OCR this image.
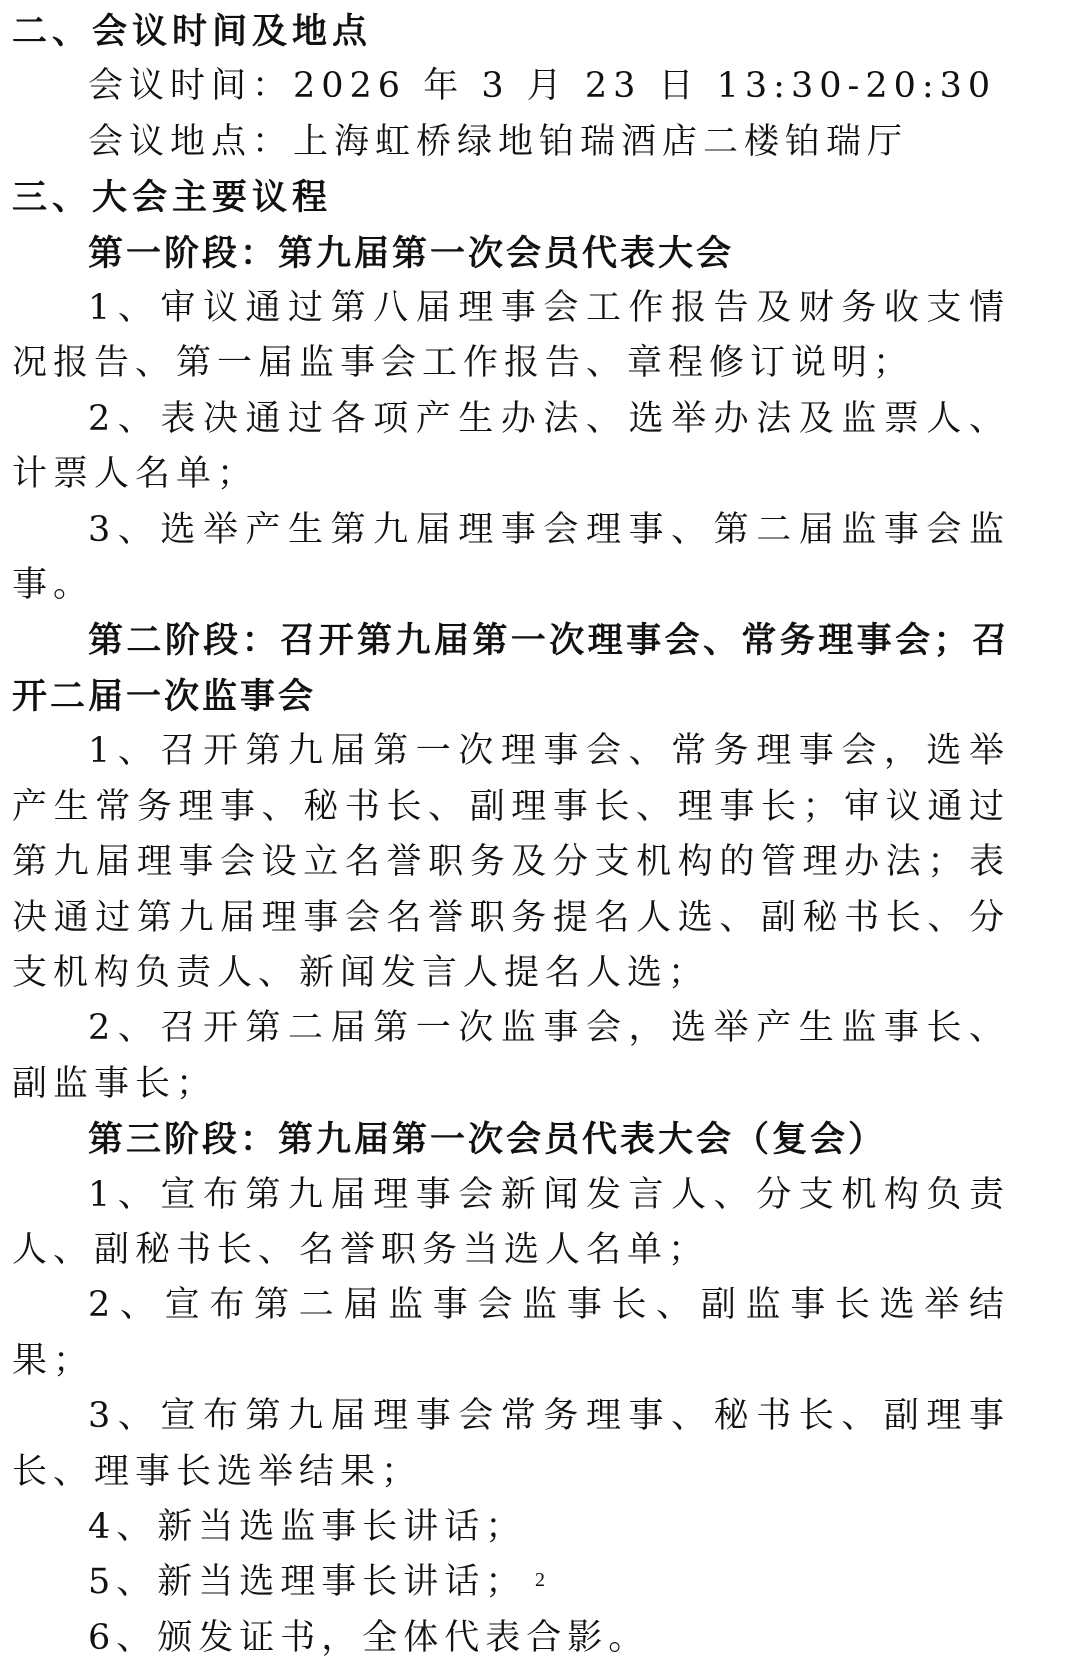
二、会议时间及地点

会议时间：2026 年 3 月 23 日 13:30-20:30

会议地点：上海虹桥绿地铂瑞酒店二楼铂瑞厅

三、大会主要议程

第一阶段：第九届第一次会员代表大会

1、审议通过第八届理事会工作报告及财务收支情况报告、第一届监事会工作报告、章程修订说明；

2、表决通过各项产生办法、选举办法及监票人、计票人名单；

3、选举产生第九届理事会理事、第二届监事会监事。

第二阶段：召开第九届第一次理事会、常务理事会；召开二届一次监事会

1、召开第九届第一次理事会、常务理事会，选举产生常务理事、秘书长、副理事长、理事长；审议通过第九届理事会设立名誉职务及分支机构的管理办法；表决通过第九届理事会名誉职务提名人选、副秘书长、分支机构负责人、新闻发言人提名人选；

2、召开第二届第一次监事会，选举产生监事长、副监事长；

第三阶段：第九届第一次会员代表大会（复会）

1、宣布第九届理事会新闻发言人、分支机构负责人、副秘书长、名誉职务当选人名单；

2、宣布第二届监事会监事长、副监事长选举结果；

3、宣布第九届理事会常务理事、秘书长、副理事长、理事长选举结果；

4、新当选监事长讲话；

5、新当选理事长讲话；

6、颁发证书，全体代表合影。

2
